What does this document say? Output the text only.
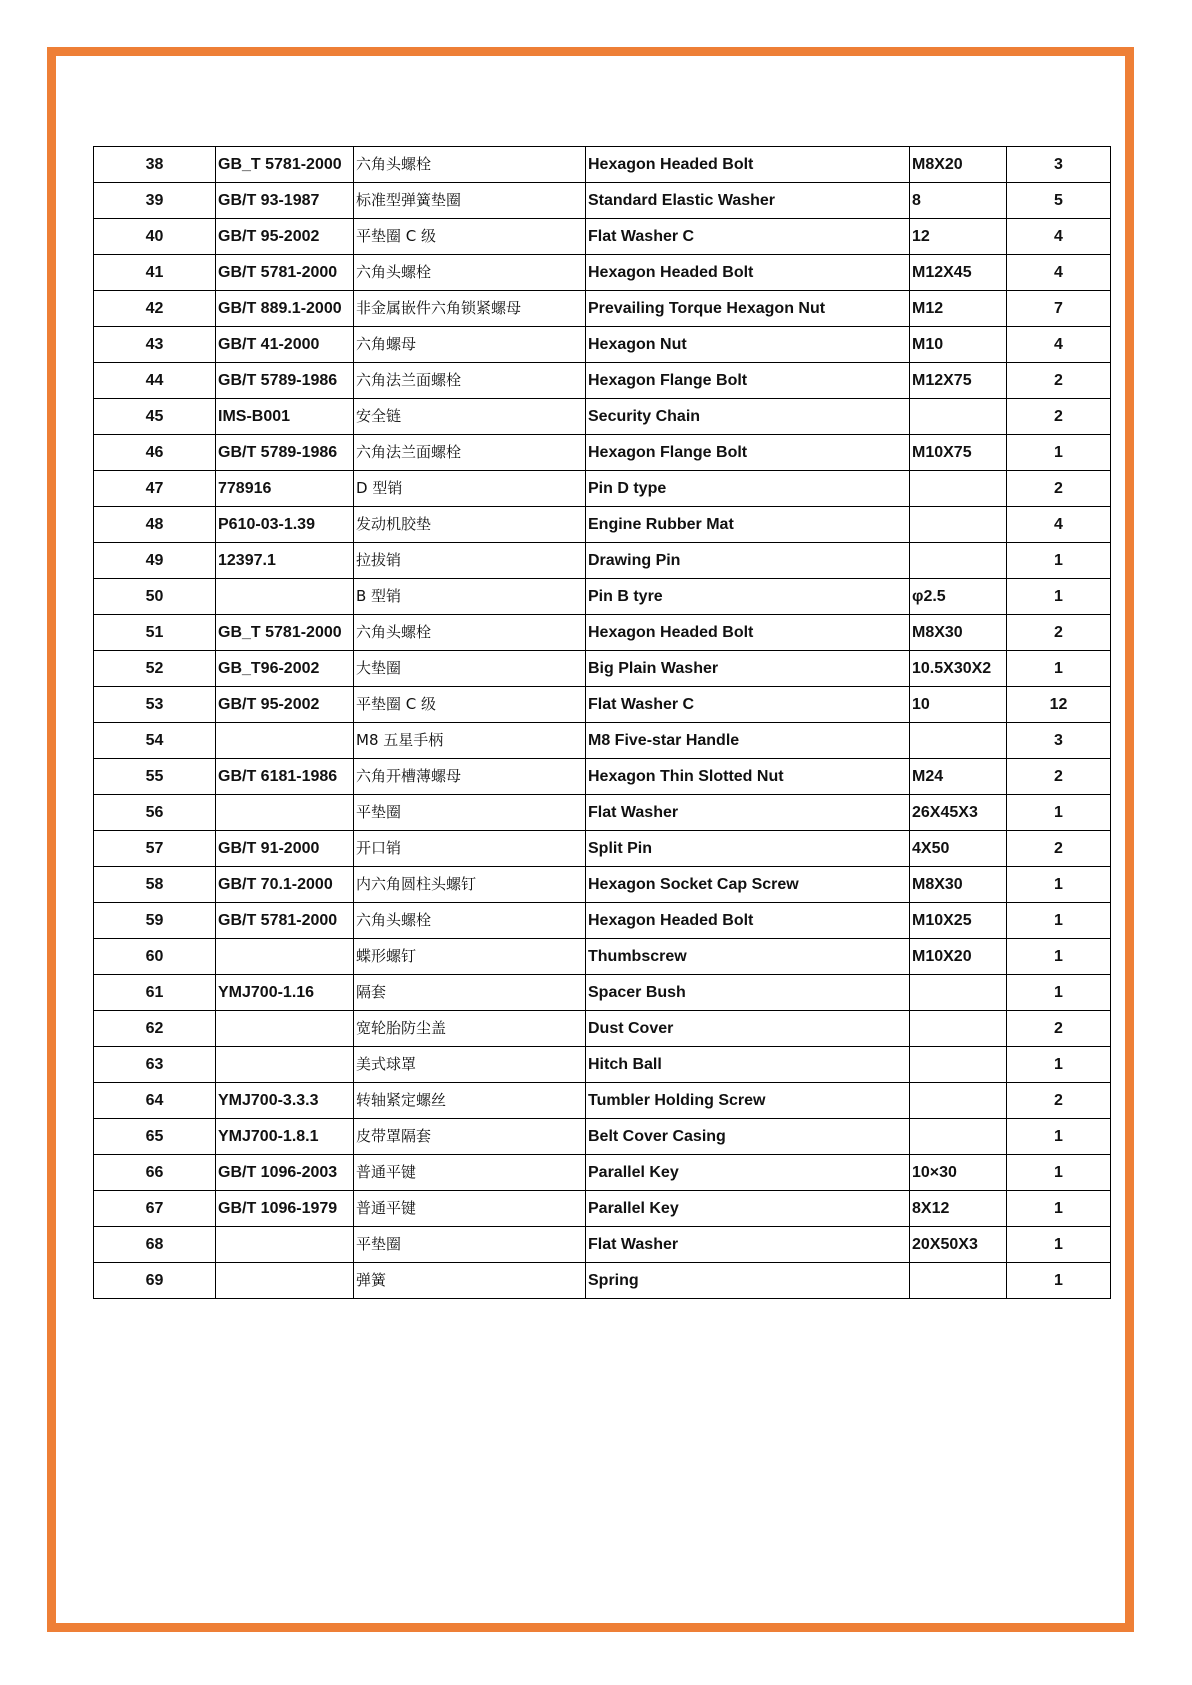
38	GB_T 5781-2000	六角头螺栓	Hexagon Headed Bolt	M8X20	3
39	GB/T 93-1987	标准型弹簧垫圈	Standard Elastic Washer	8	5
40	GB/T 95-2002	平垫圈 C 级	Flat Washer C	12	4
41	GB/T 5781-2000	六角头螺栓	Hexagon Headed Bolt	M12X45	4
42	GB/T 889.1-2000	非金属嵌件六角锁紧螺母	Prevailing Torque Hexagon Nut	M12	7
43	GB/T 41-2000	六角螺母	Hexagon Nut	M10	4
44	GB/T 5789-1986	六角法兰面螺栓	Hexagon Flange Bolt	M12X75	2
45	IMS-B001	安全链	Security Chain		2
46	GB/T 5789-1986	六角法兰面螺栓	Hexagon Flange Bolt	M10X75	1
47	778916	D 型销	Pin D type		2
48	P610-03-1.39	发动机胶垫	Engine Rubber Mat		4
49	12397.1	拉拔销	Drawing Pin		1
50		B 型销	Pin B tyre	φ2.5	1
51	GB_T 5781-2000	六角头螺栓	Hexagon Headed Bolt	M8X30	2
52	GB_T96-2002	大垫圈	Big Plain Washer	10.5X30X2	1
53	GB/T 95-2002	平垫圈 C 级	Flat Washer C	10	12
54		M8 五星手柄	M8 Five-star Handle		3
55	GB/T 6181-1986	六角开槽薄螺母	Hexagon Thin Slotted Nut	M24	2
56		平垫圈	Flat Washer	26X45X3	1
57	GB/T 91-2000	开口销	Split Pin	4X50	2
58	GB/T 70.1-2000	内六角圆柱头螺钉	Hexagon Socket Cap Screw	M8X30	1
59	GB/T 5781-2000	六角头螺栓	Hexagon Headed Bolt	M10X25	1
60		蝶形螺钉	Thumbscrew	M10X20	1
61	YMJ700-1.16	隔套	Spacer Bush		1
62		宽轮胎防尘盖	Dust Cover		2
63		美式球罩	Hitch Ball		1
64	YMJ700-3.3.3	转轴紧定螺丝	Tumbler Holding Screw		2
65	YMJ700-1.8.1	皮带罩隔套	Belt Cover Casing		1
66	GB/T 1096-2003	普通平键	Parallel Key	10×30	1
67	GB/T 1096-1979	普通平键	Parallel Key	8X12	1
68		平垫圈	Flat Washer	20X50X3	1
69		弹簧	Spring		1
